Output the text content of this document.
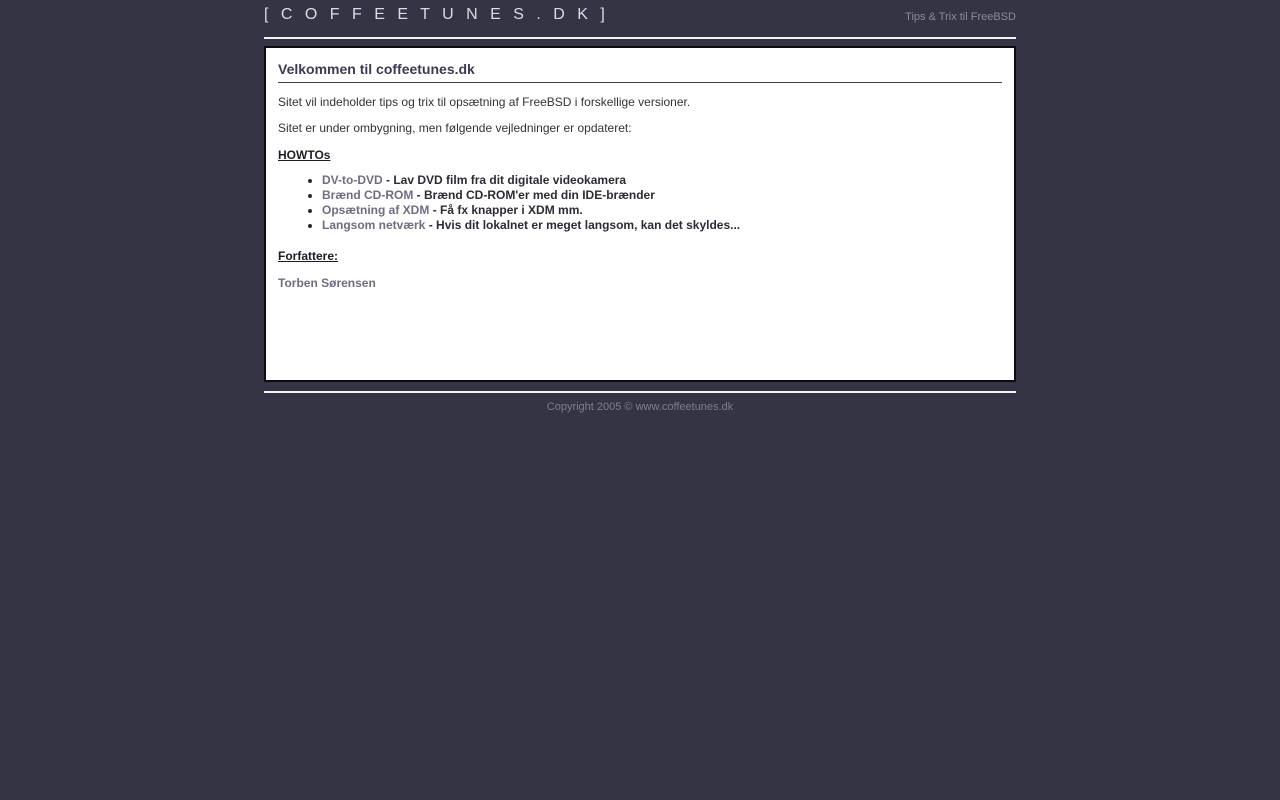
[ C O F F E E T U N E S . D K ]	Tips & Trix til FreeBSD
Velkommen til coffeetunes.dk

Sitet vil indeholder tips og trix til opsætning af FreeBSD i forskellige versioner.

Sitet er under ombygning, men følgende vejledninger er opdateret:

HOWTOs
• DV-to-DVD - Lav DVD film fra dit digitale videokamera
• Brænd CD-ROM - Brænd CD-ROM'er med din IDE-brænder
• Opsætning af XDM - Få fx knapper i XDM mm.
• Langsom netværk - Hvis dit lokalnet er meget langsom, kan det skyldes...
Forfattere:

Torben Sørensen

Copyright 2005 © www.coffeetunes.dk
